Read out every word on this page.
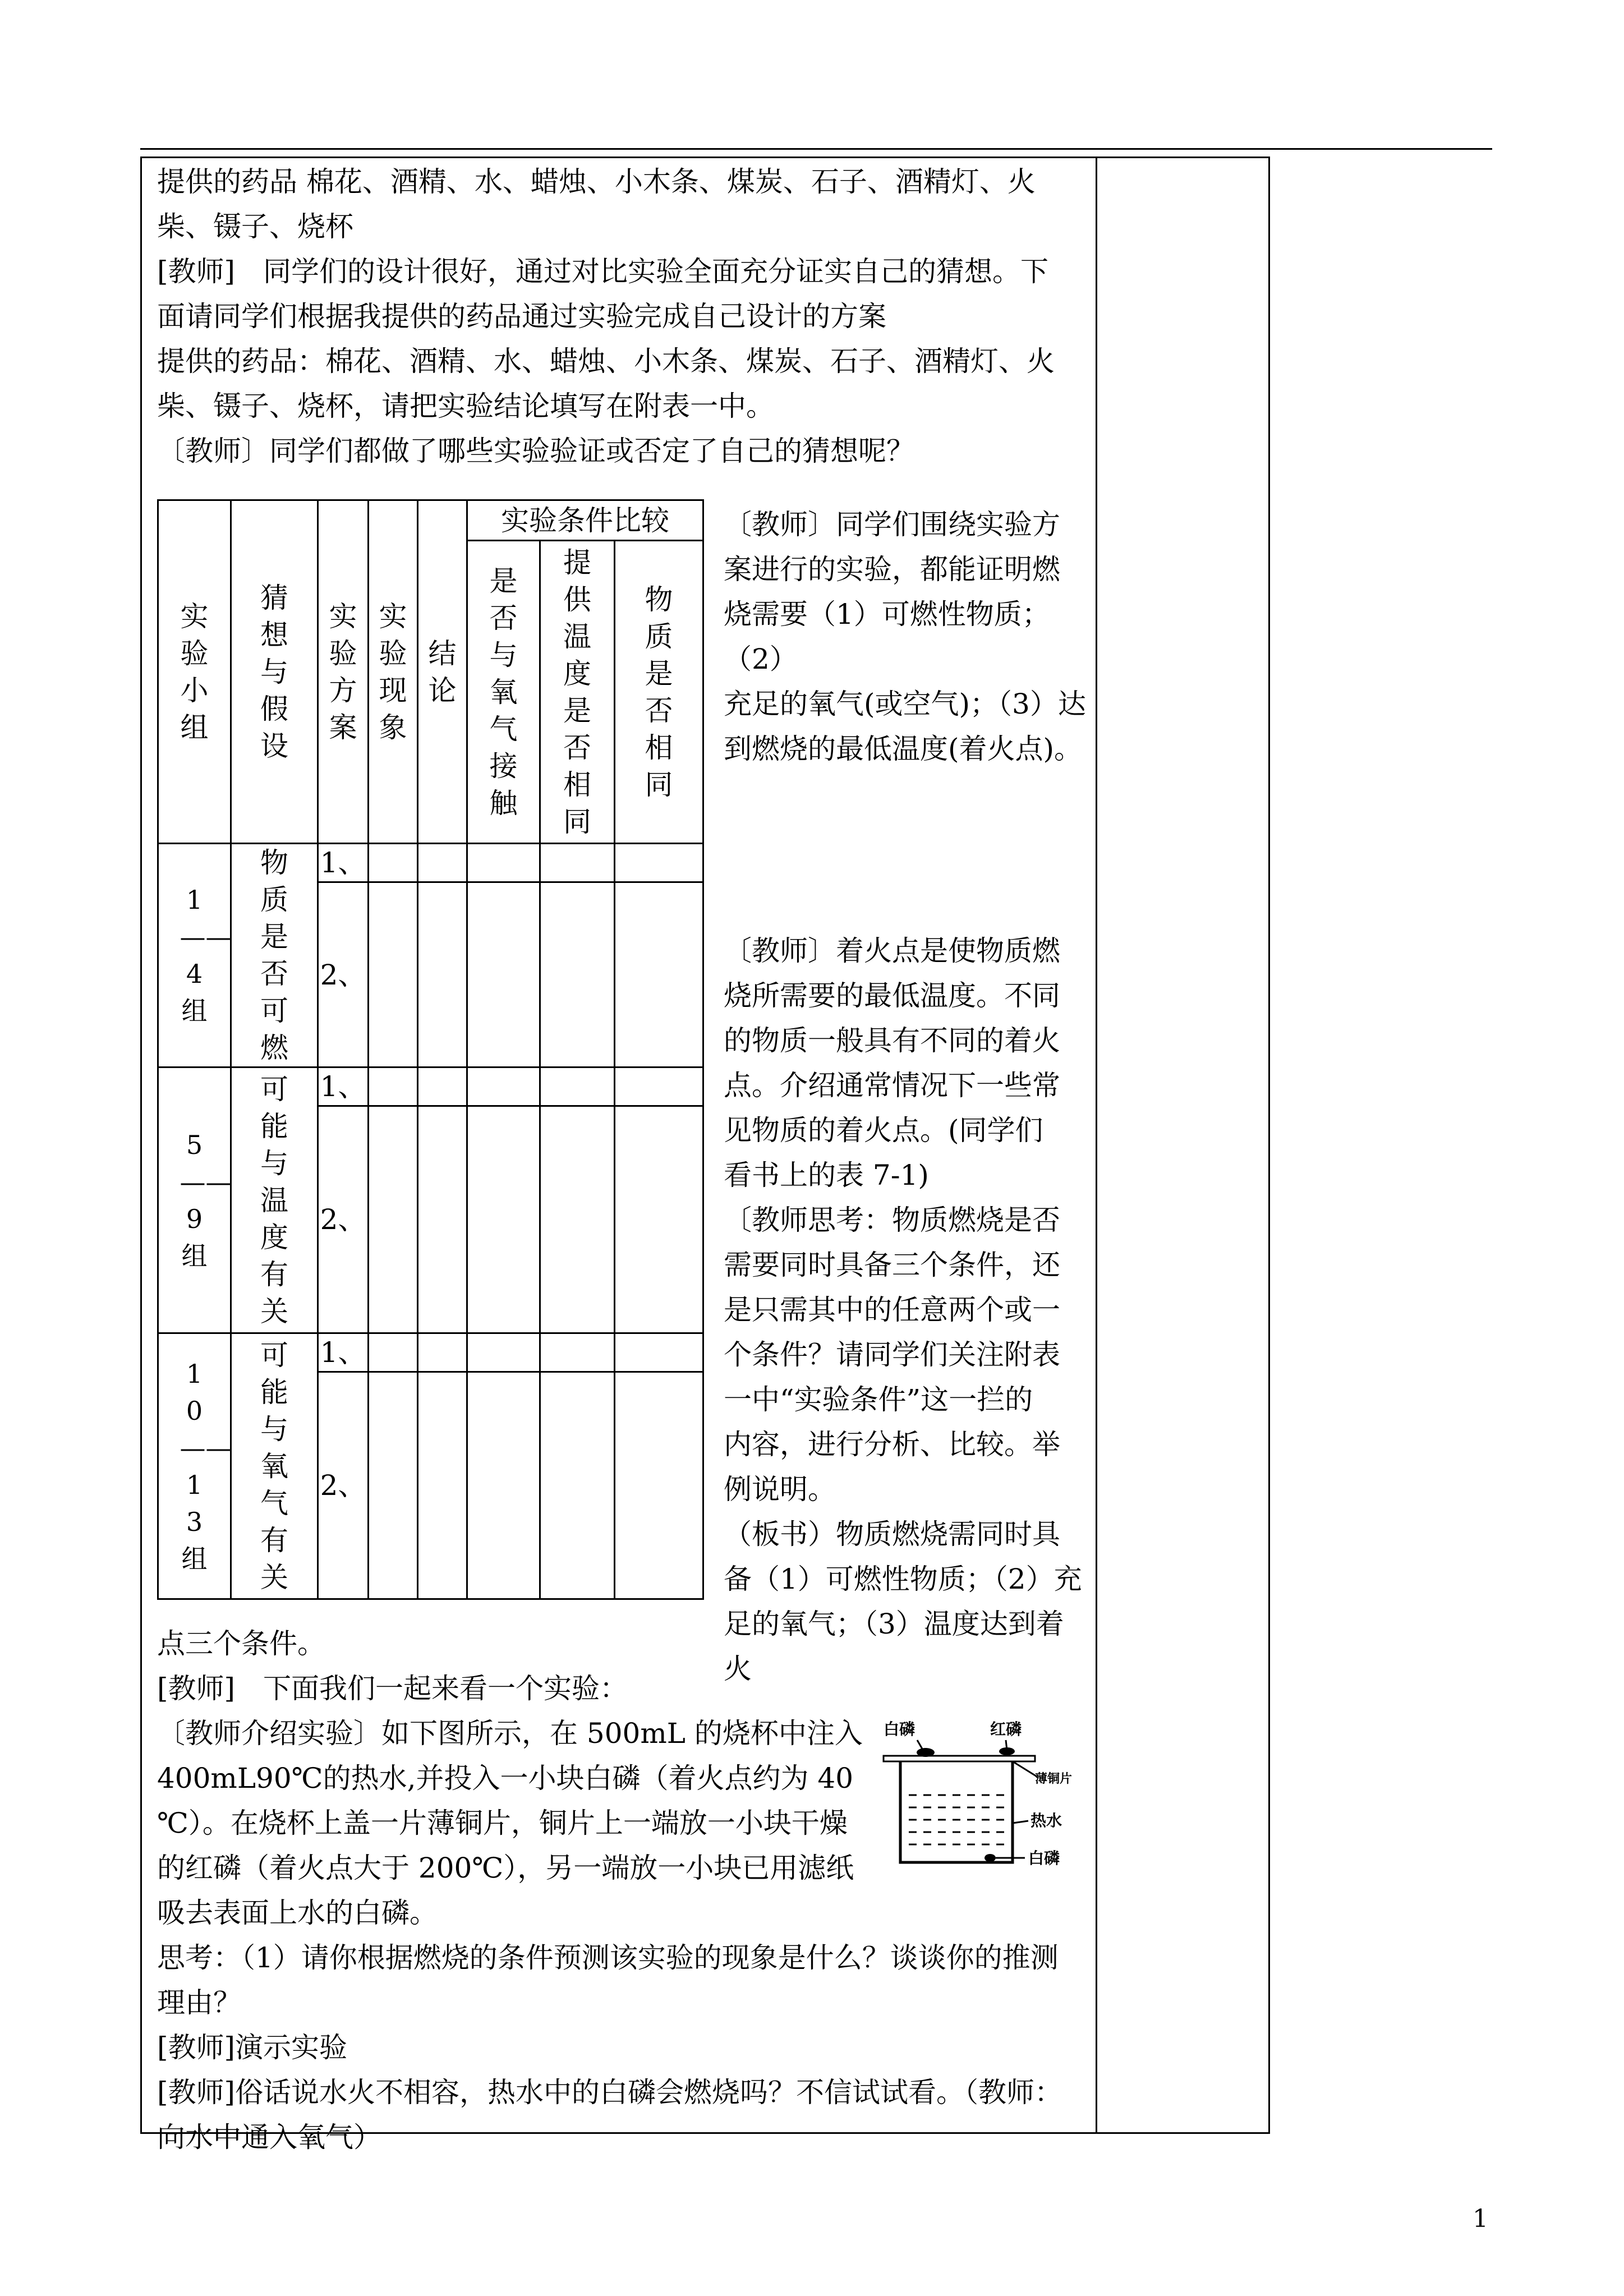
提供的药品 棉花、酒精、水、蜡烛、小木条、煤炭、石子、酒精灯、火

柴、镊子、烧杯

[教师]　同学们的设计很好，通过对比实验全面充分证实自己的猜想。下

面请同学们根据我提供的药品通过实验完成自己设计的方案

提供的药品：棉花、酒精、水、蜡烛、小木条、煤炭、石子、酒精灯、火

柴、镊子、烧杯，请把实验结论填写在附表一中。

〔教师〕同学们都做了哪些实验验证或否定了自己的猜想呢？

实验小组	猜想与假设	实验方案	实验现象	结论	实验条件比较		
					是否与氧气接触	提供温度是否相同	物质是否相同
1——4组	物质是否可燃	1、					
		2、					
5——9组	可能与温度有关	1、					
		2、					
10——13组	可能与氧气有关	1、					
		2、					

〔教师〕同学们围绕实验方

案进行的实验，都能证明燃

烧需要（1）可燃性物质；（2）

充足的氧气(或空气)；（3）达

到燃烧的最低温度(着火点)。

〔教师〕着火点是使物质燃

烧所需要的最低温度。不同

的物质一般具有不同的着火

点。介绍通常情况下一些常

见物质的着火点。(同学们

看书上的表 7-1)

〔教师思考：物质燃烧是否

需要同时具备三个条件，还

是只需其中的任意两个或一

个条件？请同学们关注附表

一中“实验条件”这一拦的

内容，进行分析、比较。举

例说明。

（板书）物质燃烧需同时具

备（1）可燃性物质；（2）充

足的氧气；（3）温度达到着火

点三个条件。

[教师]　下面我们一起来看一个实验：

〔教师介绍实验〕如下图所示，在 500mL 的烧杯中注入

400mL90℃的热水,并投入一小块白磷（着火点约为 40

℃）。在烧杯上盖一片薄铜片，铜片上一端放一小块干燥

的红磷（着火点大于 200℃），另一端放一小块已用滤纸

吸去表面上水的白磷。

思考：（1）请你根据燃烧的条件预测该实验的现象是什么？谈谈你的推测

理由？

[教师]演示实验

[教师]俗话说水火不相容，热水中的白磷会燃烧吗？不信试试看。（教师：

向水中通入氧气）

白磷	红磷
薄铜片
热水
白磷
1
